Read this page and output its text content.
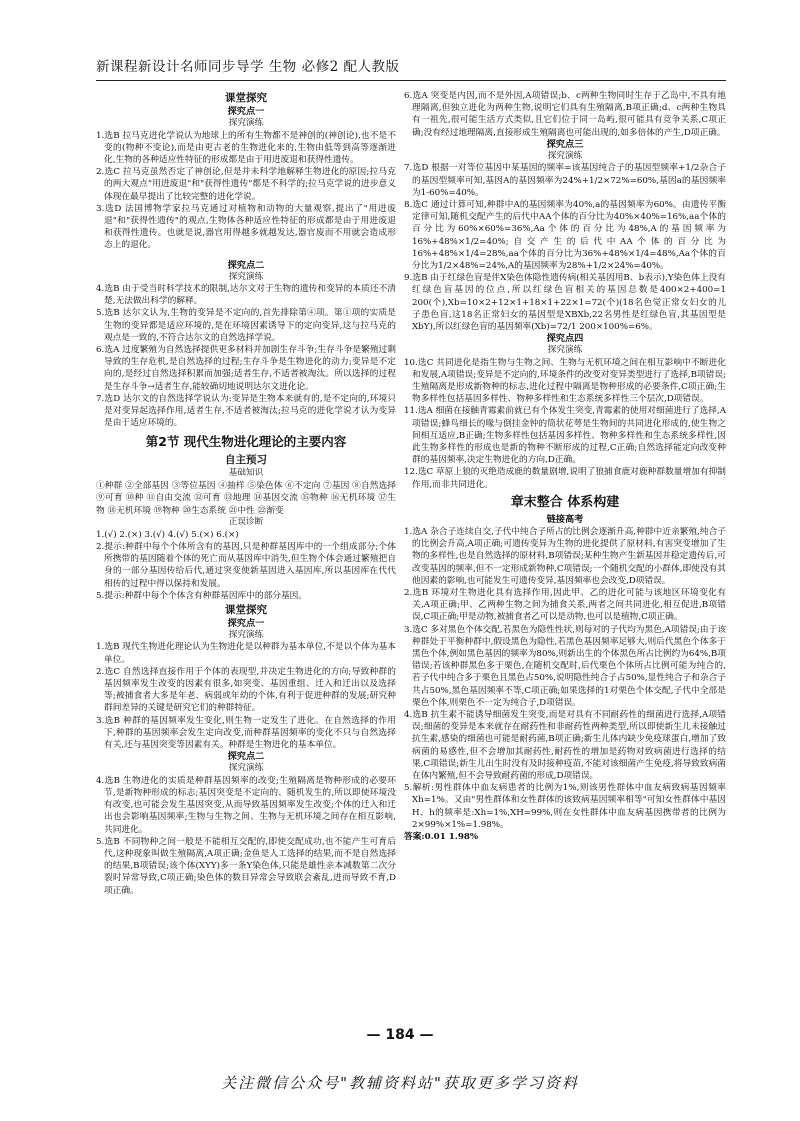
新课程新设计名师同步导学 生物 必修2 配人教版
课堂探究
探究点一
探究演练

1.选B 拉马克进化学说认为地球上的所有生物都不是神创的(神创论),也不是不变的(物种不变论),而是由更古老的生物进化来的,生物由低等到高等逐渐进化,生物的各种适应性特征的形成都是由于用进废退和获得性遗传。

2.选C 拉马克虽然否定了神创论,但是并未科学地解释生物进化的原因;拉马克的两大观点"用进废退"和"获得性遗传"都是不科学的;拉马克学说的进步意义体现在最早提出了比较完整的进化学说。

3.选D 法国博物学家拉马克通过对植物和动物的大量观察,提出了"用进废退"和"获得性遗传"的观点,生物体各种适应性特征的形成都是由于用进废退和获得性遗传。也就是说,器官用得越多就越发达,器官废而不用就会造成形态上的退化。

探究点二
探究演练

4.选B 由于受当时科学技术的限制,达尔文对于生物的遗传和变异的本质还不清楚,无法做出科学的解释。

5.选B 达尔文认为,生物的变异是不定向的,首先排除第④项。第①项的实质是生物的变异都是适应环境的,是在环境因素诱导下的定向变异,这与拉马克的观点是一致的,不符合达尔文的自然选择学说。

6.选A 过度繁殖为自然选择提供更多材料并加剧生存斗争;生存斗争是繁殖过剩导致的生存危机,是自然选择的过程;生存斗争是生物进化的动力;变异是不定向的,是经过自然选择积累而加强;适者生存,不适者被淘汰。所以选择的过程是生存斗争→适者生存,能较确切地说明达尔文进化论。

7.选D 达尔文的自然选择学说认为:变异是生物本来就有的,是不定向的,环境只是对变异起选择作用,适者生存,不适者被淘汰;拉马克的进化学说才认为变异是由于适应环境的。

第2节 现代生物进化理论的主要内容
自主预习
基础知识

①种群 ②全部基因 ③等位基因 ④抽样 ⑤染色体 ⑥不定向 ⑦基因 ⑧自然选择 ⑨可育 ⑩种 ⑪自由交流 ⑫可育 ⑬地理 ⑭基因交流 ⑮物种 ⑯无机环境 ⑰生物 ⑱无机环境 ⑲物种 ⑳生态系统 ㉑中性 ㉒渐变

正误诊断

1.(√) 2.(×) 3.(√) 4.(√) 5.(×) 6.(×)

2.提示:种群中每个个体所含有的基因,只是种群基因库中的一个组成部分;个体所携带的基因随着个体的死亡而从基因库中消失,但生物个体会通过繁殖把自身的一部分基因传给后代,通过突变使新基因进入基因库,所以基因库在代代相传的过程中得以保持和发展。

5.提示:种群中每个个体含有种群基因库中的部分基因。

课堂探究
探究点一
探究演练

1.选B 现代生物进化理论认为生物进化是以种群为基本单位,不是以个体为基本单位。

2.选C 自然选择直接作用于个体的表现型,并决定生物进化的方向;导致种群的基因频率发生改变的因素有很多,如突变、基因重组、迁入和迁出以及选择等;被捕食者大多是年老、病弱或年幼的个体,有利于促进种群的发展;研究种群间差异的关键是研究它们的种群特征。

3.选B 种群的基因频率发生变化,则生物一定发生了进化。在自然选择的作用下,种群的基因频率会发生定向改变,而种群基因频率的变化不只与自然选择有关,还与基因突变等因素有关。种群是生物进化的基本单位。

探究点二
探究演练

4.选B 生物进化的实质是种群基因频率的改变;生殖隔离是物种形成的必要环节,是新物种形成的标志;基因突变是不定向的、随机发生的,所以即使环境没有改变,也可能会发生基因突变,从而导致基因频率发生改变;个体的迁入和迁出也会影响基因频率;生物与生物之间、生物与无机环境之间存在相互影响,共同进化。

5.选B 不同物种之间一般是不能相互交配的,即使交配成功,也不能产生可育后代,这种现象叫做生殖隔离,A项正确;金鱼是人工选择的结果,而不是自然选择的结果,B项错误;该个体(XYY)多一条Y染色体,只能是雄性亲本减数第二次分裂时异常导致,C项正确;染色体的数目异常会导致联会紊乱,进而导致不育,D项正确。

6.选A 突变是内因,而不是外因,A项错误;b、c两种生物同时生存于乙岛中,不具有地理隔离,但独立进化为两种生物,说明它们具有生殖隔离,B项正确;d、c两种生物具有一祖先,很可能生活方式类似,且它们位于同一岛屿,很可能具有竞争关系,C项正确;没有经过地理隔离,直接形成生殖隔离也可能出现的,如多倍体的产生,D项正确。

探究点三
探究演练

7.选D 根据一对等位基因中某基因的频率=该基因纯合子的基因型频率+1/2杂合子的基因型频率可知,基因A的基因频率为24%+1/2×72%=60%,基因a的基因频率为1-60%=40%。

8.选C 通过计算可知,种群中A的基因频率为40%,a的基因频率为60%。由遗传平衡定律可知,随机交配产生的后代中AA个体的百分比为40%×40%=16%,aa个体的百分比为60%×60%=36%,Aa个体的百分比为48%,A的基因频率为16%+48%×1/2=40%;自交产生的后代中AA个体的百分比为16%+48%×1/4=28%,aa个体的百分比为36%+48%×1/4=48%,Aa个体的百分比为1/2×48%=24%,A的基因频率为28%+1/2×24%=40%。

9.选B 由于红绿色盲是伴X染色体隐性遗传病(相关基因用B、b表示),Y染色体上没有红绿色盲基因的位点,所以红绿色盲相关的基因总数是400×2+400=1 200(个),Xb=10×2+12×1+18×1+22×1=72(个)(18名色觉正常女妇女的儿子患色盲,这18名正常妇女的基因型是XBXb,22名男性是红绿色盲,其基因型是XbY),所以红绿色盲的基因频率(Xb)=72/1 200×100%=6%。

探究点四
探究演练

10.选C 共同进化是指生物与生物之间、生物与无机环境之间在相互影响中不断进化和发展,A项错误;变异是不定向的,环境条件的改变对变异类型进行了选择,B项错误;生殖隔离是形成新物种的标志,进化过程中隔离是物种形成的必要条件,C项正确;生物多样性包括基因多样性、物种多样性和生态系统多样性三个层次,D项错误。

11.选A 细菌在接触青霉素前就已有个体发生突变,青霉素的使用对细菌进行了选择,A项错误;蜂鸟细长的喙与倒挂金钟的筒状花萼是生物间的共同进化形成的,使生物之间相互适应,B正确;生物多样性包括基因多样性、物种多样性和生态系统多样性,因此生物多样性的形成也是新的物种不断形成的过程,C正确;自然选择能定向改变种群的基因频率,决定生物进化的方向,D正确。

12.选C 草原上狼的灭绝造成鹿的数量剧增,说明了狼捕食鹿对鹿种群数量增加有抑制作用,而非共同进化。

章末整合 体系构建
链接高考

1.选A 杂合子连续自交,子代中纯合子所占的比例会逐渐升高,种群中近亲繁殖,纯合子的比例会升高,A项正确;可遗传变异为生物的进化提供了原材料,有害突变增加了生物的多样性,也是自然选择的原材料,B项错误;某种生物产生新基因并稳定遗传后,可改变基因的频率,但不一定形成新物种,C项错误;一个随机交配的小群体,即使没有其他因素的影响,也可能发生可遗传变异,基因频率也会改变,D项错误。

2.选B 环境对生物进化具有选择作用,因此甲、乙的进化可能与该地区环境变化有关,A项正确;甲、乙两种生物之间为捕食关系,两者之间共同进化,相互促进,B项错误,C项正确;甲是动物,被捕食者乙可以是动物,也可以是植物,C项正确。

3.选C 多对黑色个体交配,若黑色为隐性性状,则每对的子代均为黑色,A项错误;由于该种群处于平衡种群中,假设黑色为隐性,若黑色基因频率足够大,则后代黑色个体多于黑色个体,例如黑色基因的频率为80%,则新出生的个体黑色所占比例约为64%,B项错误;若该种群黑色多于栗色,在随机交配时,后代栗色个体所占比例可能为纯合的,若子代中纯合多于栗色且黑色占50%,说明隐性纯合子占50%,显性纯合子和杂合子共占50%,黑色基因频率不等,C项正确;如果选择的1对栗色个体交配,子代中全部是栗色个体,则栗色不一定为纯合子,D项错误。

4.选B 抗生素不能诱导细菌发生突变,而是对具有不同耐药性的细菌进行选择,A项错误;细菌的变异是本来就存在耐药性和非耐药性两种类型,所以即使新生儿未接触过抗生素,感染的细菌也可能是耐药菌,B项正确;新生儿体内缺少免疫球蛋白,增加了致病菌的易感性,但不会增加其耐药性,耐药性的增加是药物对致病菌进行选择的结果,C项错误;新生儿出生时没有及时接种疫苗,不能对该细菌产生免疫,将导致致病菌在体内繁殖,但不会导致耐药菌的形成,D项错误。

5.解析:男性群体中血友病患者的比例为1%,则该男性群体中血友病致病基因频率Xh=1%。又由"男性群体和女性群体的该致病基因频率相等"可知女性群体中基因H、h的频率是:Xh=1%,XH=99%,则在女性群体中血友病基因携带者的比例为2×99%×1%=1.98%。

答案:0.01 1.98%

— 184 —
关注微信公众号"教辅资料站"获取更多学习资料
